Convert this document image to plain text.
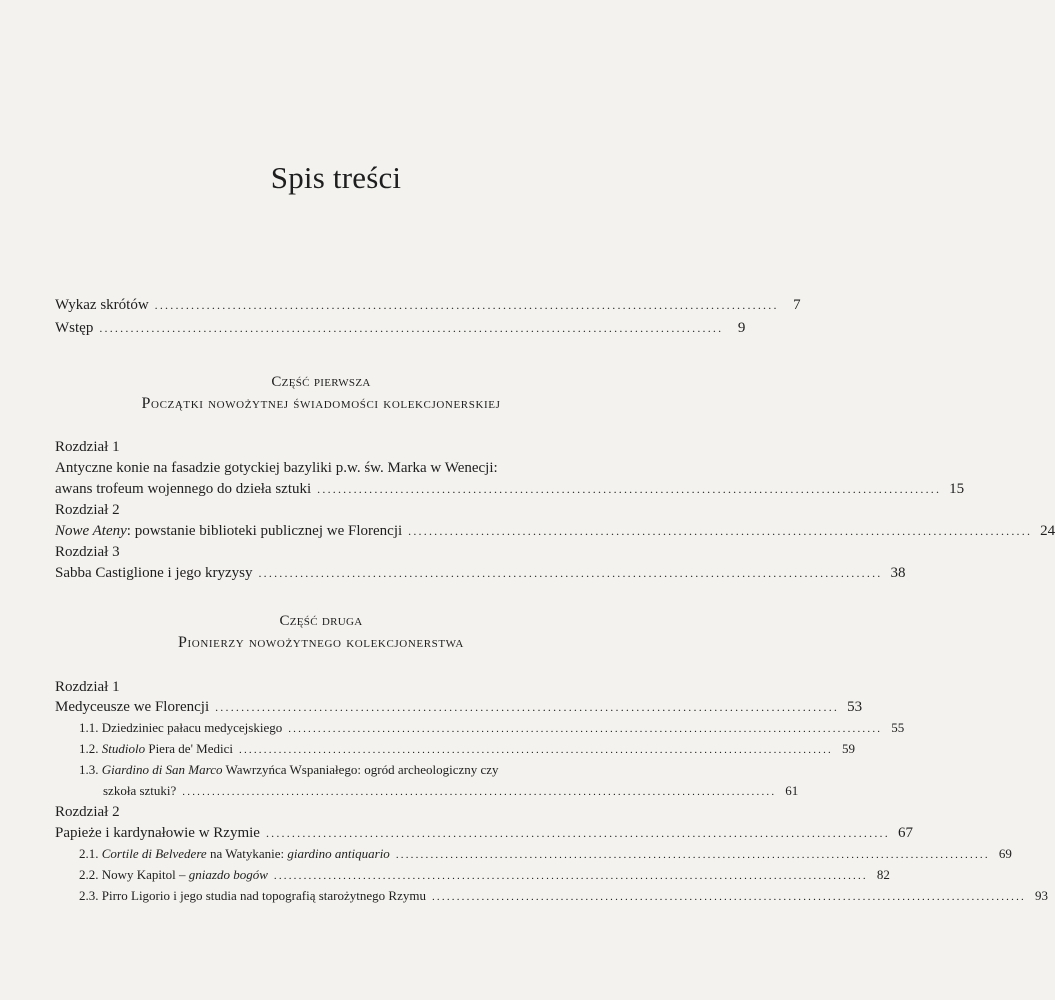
Spis treści
Wykaz skrótów ........................................................................................................................ 7
Wstęp ........................................................................................................................ 9
Część pierwsza
Początki nowożytnej świadomości kolekcjonerskiej
Rozdział 1
Antyczne konie na fasadzie gotyckiej bazyliki p.w. św. Marka w Wenecji:
awans trofeum wojennego do dzieła sztuki ........................................................................................................................ 15
Rozdział 2
Nowe Ateny: powstanie biblioteki publicznej we Florencji ........................................................................................................................ 24
Rozdział 3
Sabba Castiglione i jego kryzysy ........................................................................................................................ 38
Część druga
Pionierzy nowożytnego kolekcjonerstwa
Rozdział 1
Medyceusze we Florencji ........................................................................................................................ 53
1.1. Dziedziniec pałacu medycejskiego ........................................................................................................................ 55
1.2. Studiolo Piera de' Medici ........................................................................................................................ 59
1.3. Giardino di San Marco Wawrzyńca Wspaniałego: ogród archeologiczny czy
szkoła sztuki? ........................................................................................................................ 61
Rozdział 2
Papieże i kardynałowie w Rzymie ........................................................................................................................ 67
2.1. Cortile di Belvedere na Watykanie: giardino antiquario ........................................................................................................................ 69
2.2. Nowy Kapitol – gniazdo bogów ........................................................................................................................ 82
2.3. Pirro Ligorio i jego studia nad topografią starożytnego Rzymu ........................................................................................................................ 93
